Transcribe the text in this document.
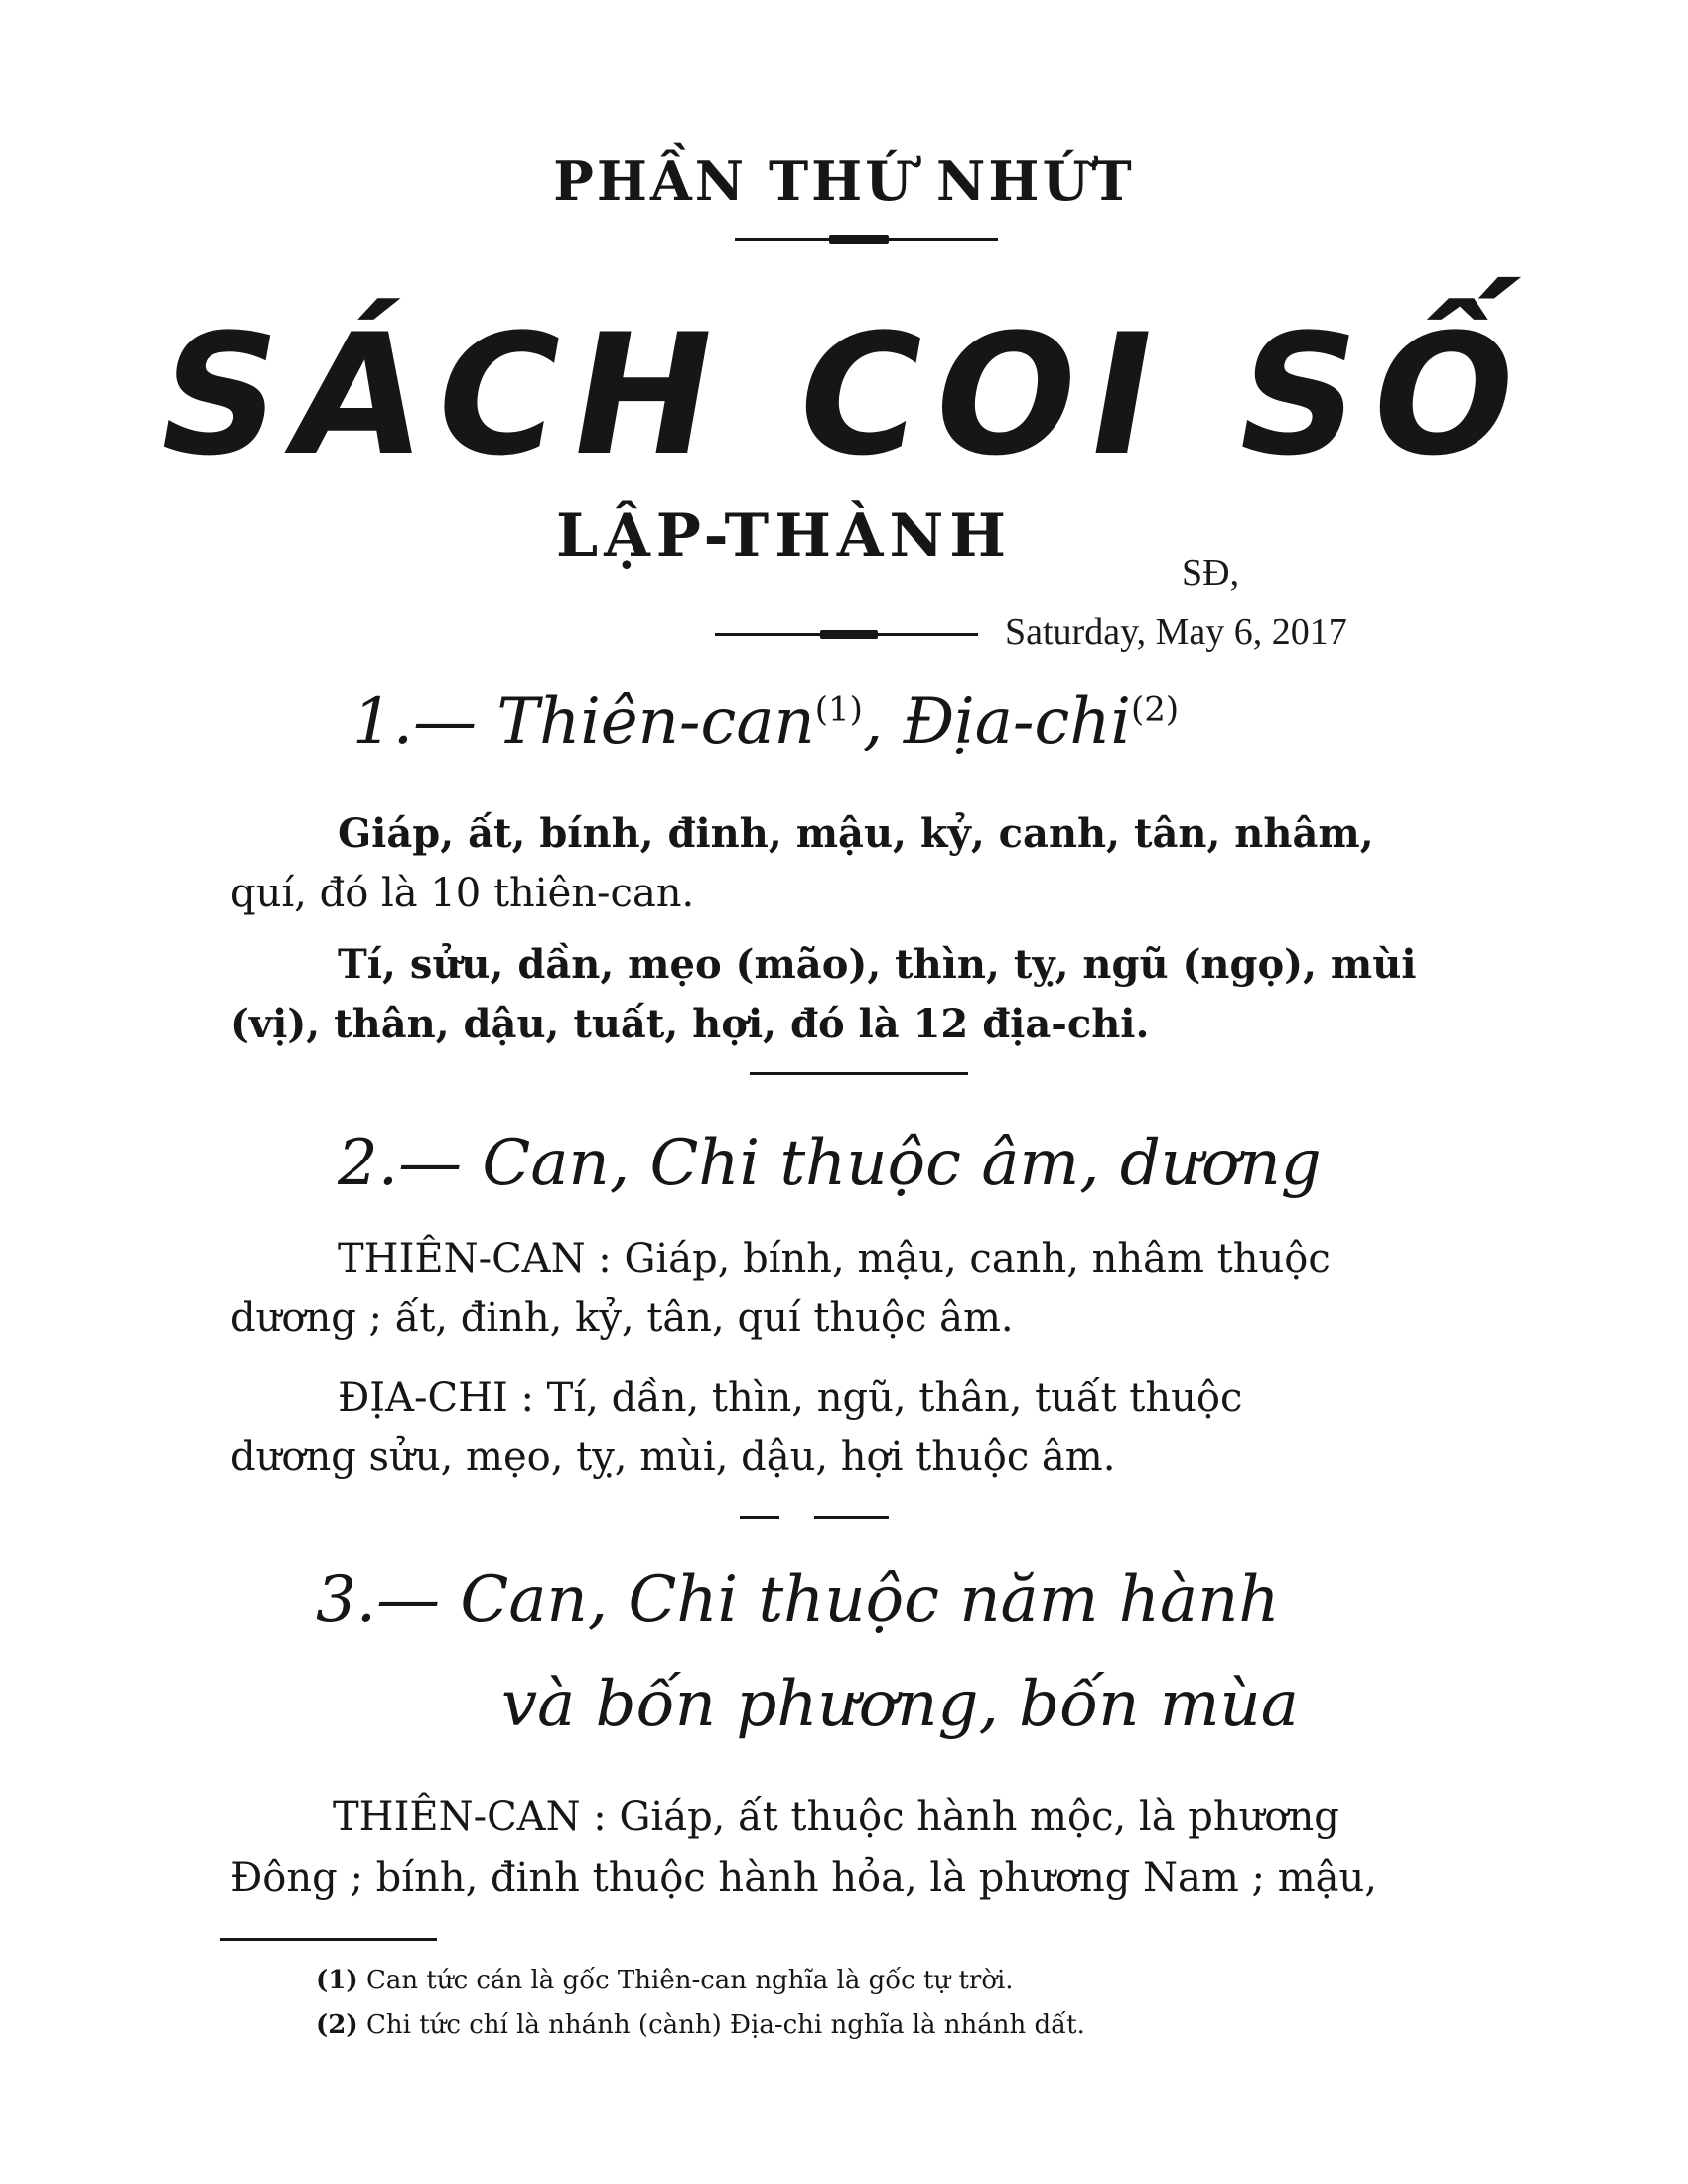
PHẦN THỨ NHỨT
SÁCH COI SỐ
LẬP-THÀNH
SĐ,
Saturday, May 6, 2017
1.— Thiên-can$^{(1)}$, Địa-chi$^{(2)}$
Giáp, ất, bính, đinh, mậu, kỷ, canh, tân, nhâm,
quí, đó là 10 thiên-can.
Tí, sửu, dần, mẹo (mão), thìn, tỵ, ngũ (ngọ), mùi
(vị), thân, dậu, tuất, hợi, đó là 12 địa-chi.
2.— Can, Chi thuộc âm, dương
THIÊN-CAN : Giáp, bính, mậu, canh, nhâm thuộc
dương ; ất, đinh, kỷ, tân, quí thuộc âm.
ĐỊA-CHI : Tí, dần, thìn, ngũ, thân, tuất thuộc
dương sửu, mẹo, tỵ, mùi, dậu, hợi thuộc âm.
3.— Can, Chi thuộc năm hành
và bốn phương, bốn mùa
THIÊN-CAN : Giáp, ất thuộc hành mộc, là phương
Đông ; bính, đinh thuộc hành hỏa, là phương Nam ; mậu,
(1) Can tức cán là gốc Thiên-can nghĩa là gốc tự trời.
(2) Chi tức chí là nhánh (cành) Địa-chi nghĩa là nhánh dất.
